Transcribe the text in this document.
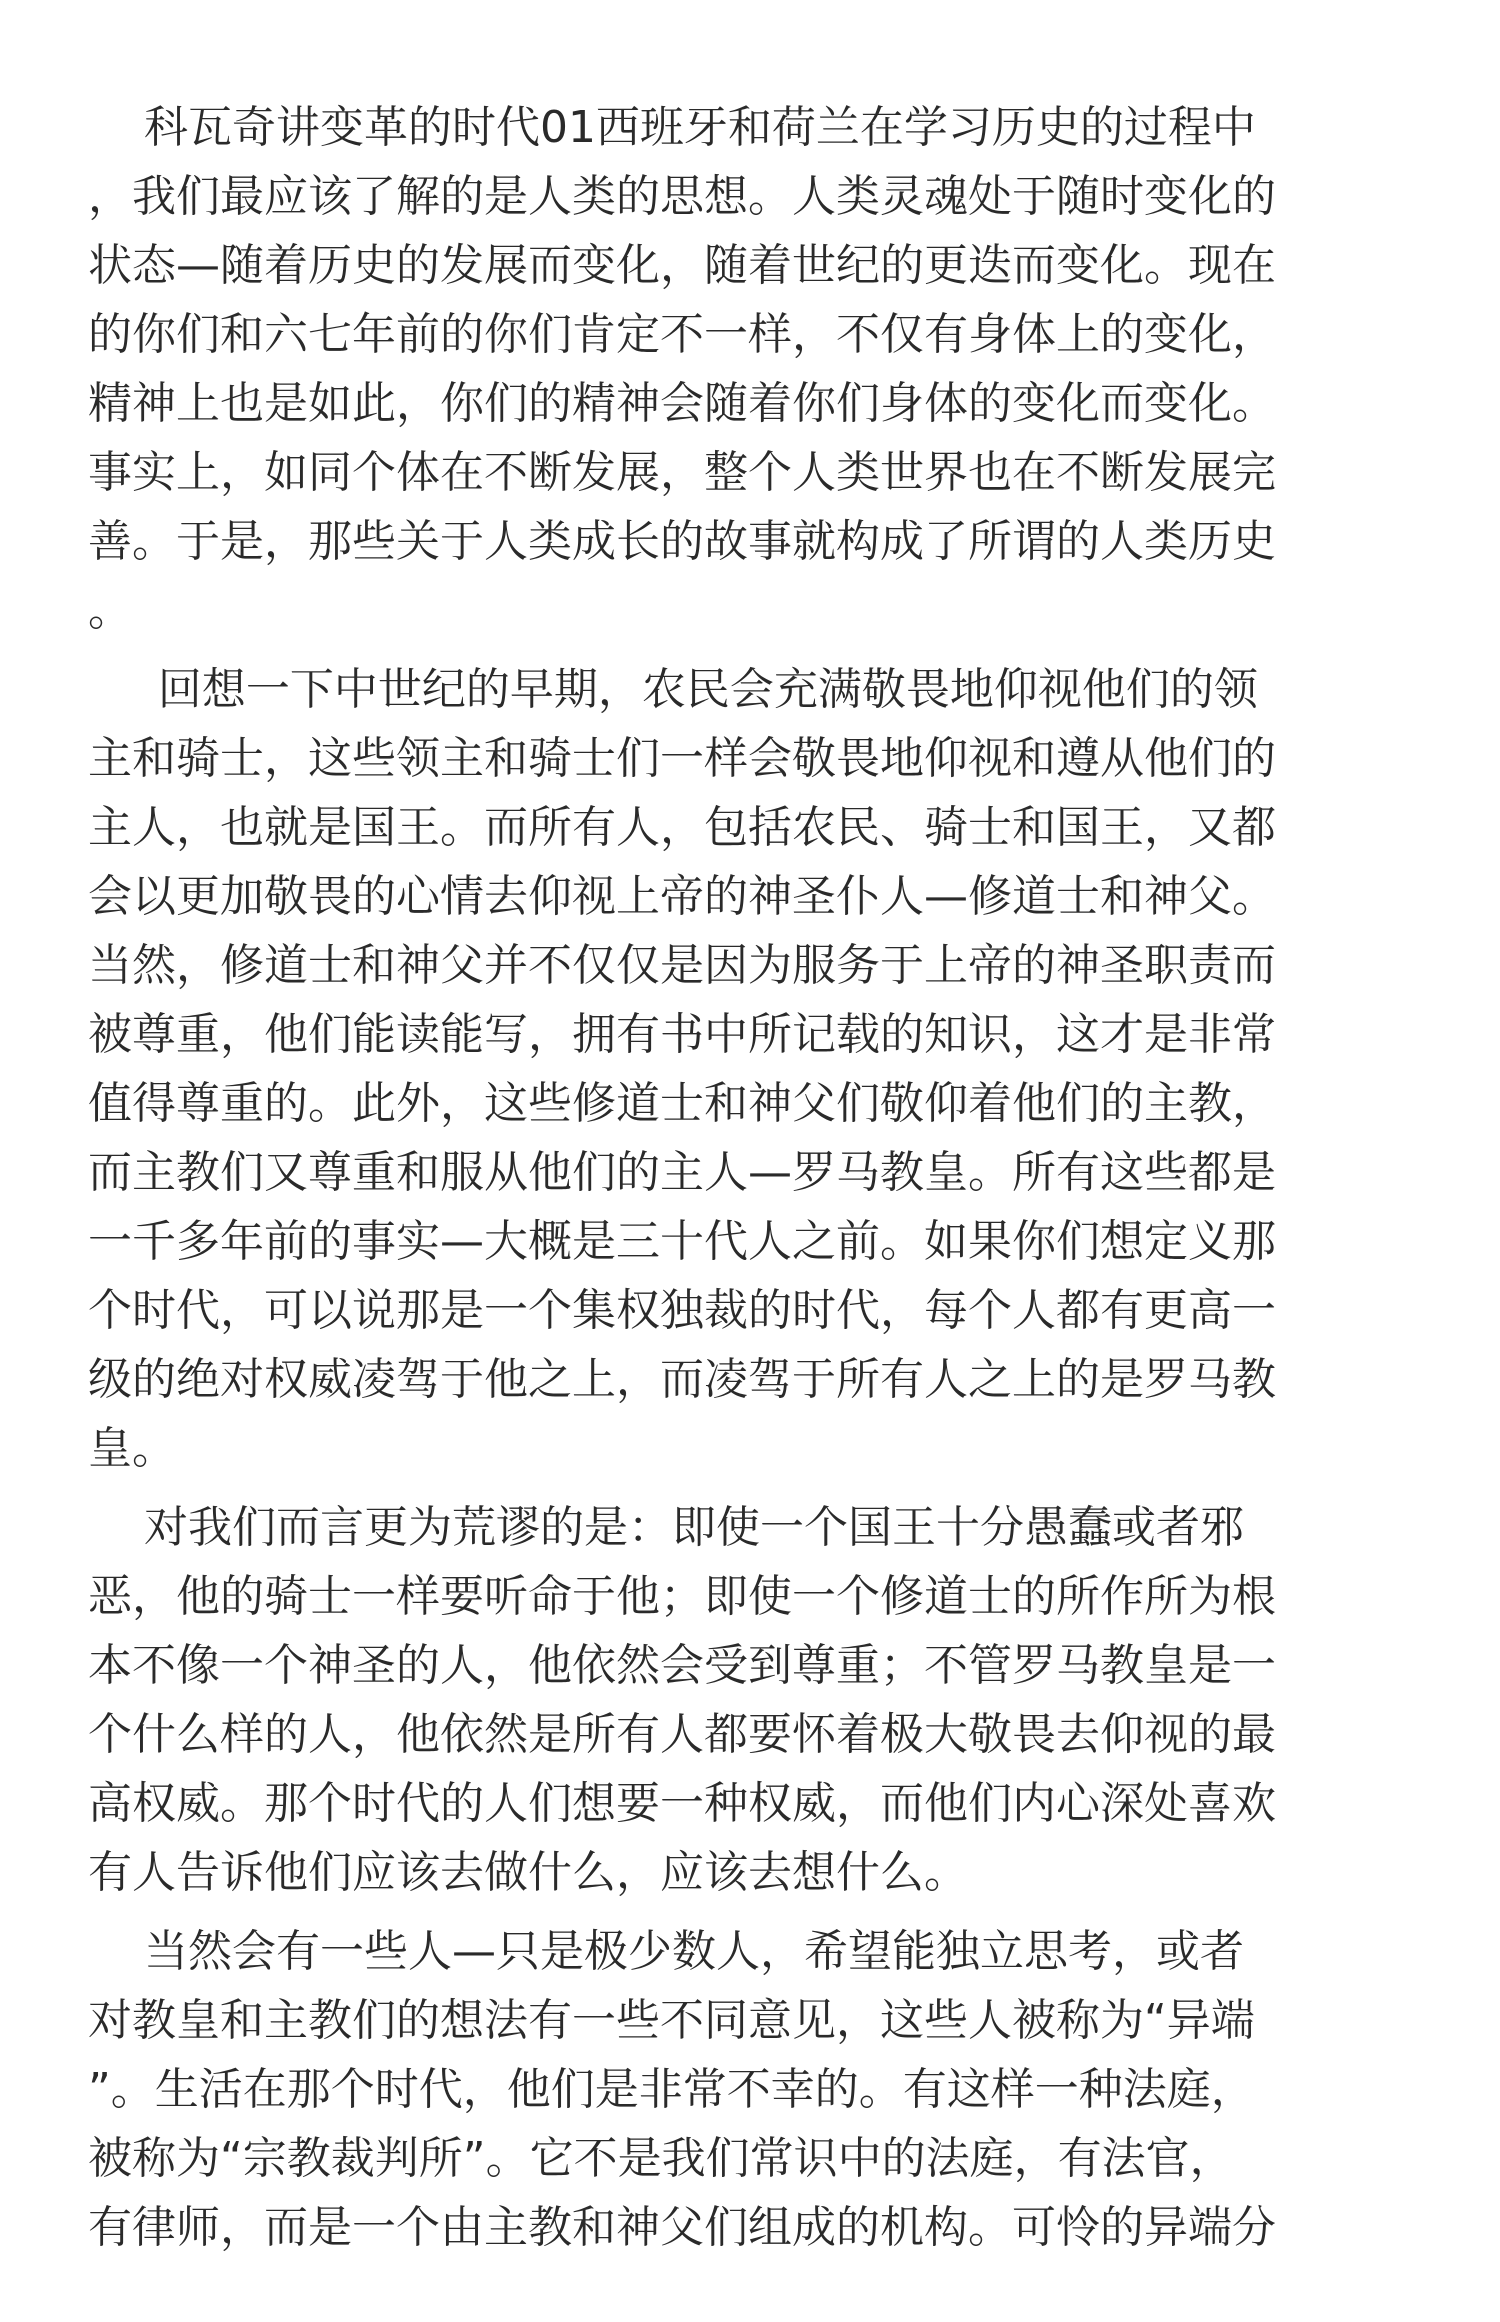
科瓦奇讲变革的时代01西班牙和荷兰在学习历史的过程中
，我们最应该了解的是人类的思想。人类灵魂处于随时变化的
状态—随着历史的发展而变化，随着世纪的更迭而变化。现在
的你们和六七年前的你们肯定不一样，不仅有身体上的变化，
精神上也是如此，你们的精神会随着你们身体的变化而变化。
事实上，如同个体在不断发展，整个人类世界也在不断发展完
善。于是，那些关于人类成长的故事就构成了所谓的人类历史
。
回想一下中世纪的早期，农民会充满敬畏地仰视他们的领
主和骑士，这些领主和骑士们一样会敬畏地仰视和遵从他们的
主人，也就是国王。而所有人，包括农民、骑士和国王，又都
会以更加敬畏的心情去仰视上帝的神圣仆人—修道士和神父。
当然，修道士和神父并不仅仅是因为服务于上帝的神圣职责而
被尊重，他们能读能写，拥有书中所记载的知识，这才是非常
值得尊重的。此外，这些修道士和神父们敬仰着他们的主教，
而主教们又尊重和服从他们的主人—罗马教皇。所有这些都是
一千多年前的事实—大概是三十代人之前。如果你们想定义那
个时代，可以说那是一个集权独裁的时代，每个人都有更高一
级的绝对权威凌驾于他之上，而凌驾于所有人之上的是罗马教
皇。
对我们而言更为荒谬的是：即使一个国王十分愚蠢或者邪
恶，他的骑士一样要听命于他；即使一个修道士的所作所为根
本不像一个神圣的人，他依然会受到尊重；不管罗马教皇是一
个什么样的人，他依然是所有人都要怀着极大敬畏去仰视的最
高权威。那个时代的人们想要一种权威，而他们内心深处喜欢
有人告诉他们应该去做什么，应该去想什么。
当然会有一些人—只是极少数人，希望能独立思考，或者
对教皇和主教们的想法有一些不同意见，这些人被称为“异端
”。生活在那个时代，他们是非常不幸的。有这样一种法庭，
被称为“宗教裁判所”。它不是我们常识中的法庭，有法官，
有律师，而是一个由主教和神父们组成的机构。可怜的异端分
